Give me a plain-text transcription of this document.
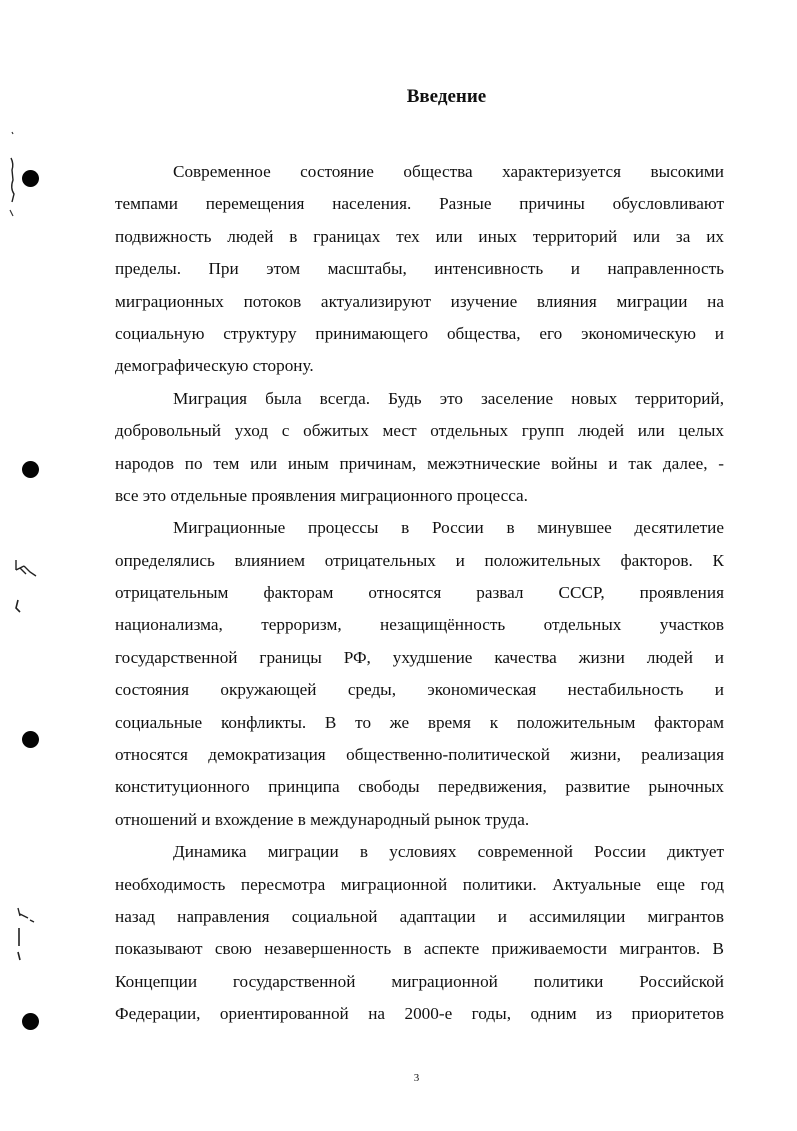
Введение
Современное состояние общества характеризуется высокими
темпами перемещения населения. Разные причины обусловливают
подвижность людей в границах тех или иных территорий или за их
пределы. При этом масштабы, интенсивность и направленность
миграционных потоков актуализируют изучение влияния миграции на
социальную структуру принимающего общества, его экономическую и
демографическую сторону.
Миграция была всегда. Будь это заселение новых территорий,
добровольный уход с обжитых мест отдельных групп людей или целых
народов по тем или иным причинам, межэтнические войны и так далее, -
все это отдельные проявления миграционного процесса.
Миграционные процессы в России в минувшее десятилетие
определялись влиянием отрицательных и положительных факторов. К
отрицательным факторам относятся развал СССР, проявления
национализма, терроризм, незащищённость отдельных участков
государственной границы РФ, ухудшение качества жизни людей и
состояния окружающей среды, экономическая нестабильность и
социальные конфликты. В то же время к положительным факторам
относятся демократизация общественно-политической жизни, реализация
конституционного принципа свободы передвижения, развитие рыночных
отношений и вхождение в международный рынок труда.
Динамика миграции в условиях современной России диктует
необходимость пересмотра миграционной политики. Актуальные еще год
назад направления социальной адаптации и ассимиляции мигрантов
показывают свою незавершенность в аспекте приживаемости мигрантов. В
Концепции государственной миграционной политики Российской
Федерации, ориентированной на 2000-е годы, одним из приоритетов
3
